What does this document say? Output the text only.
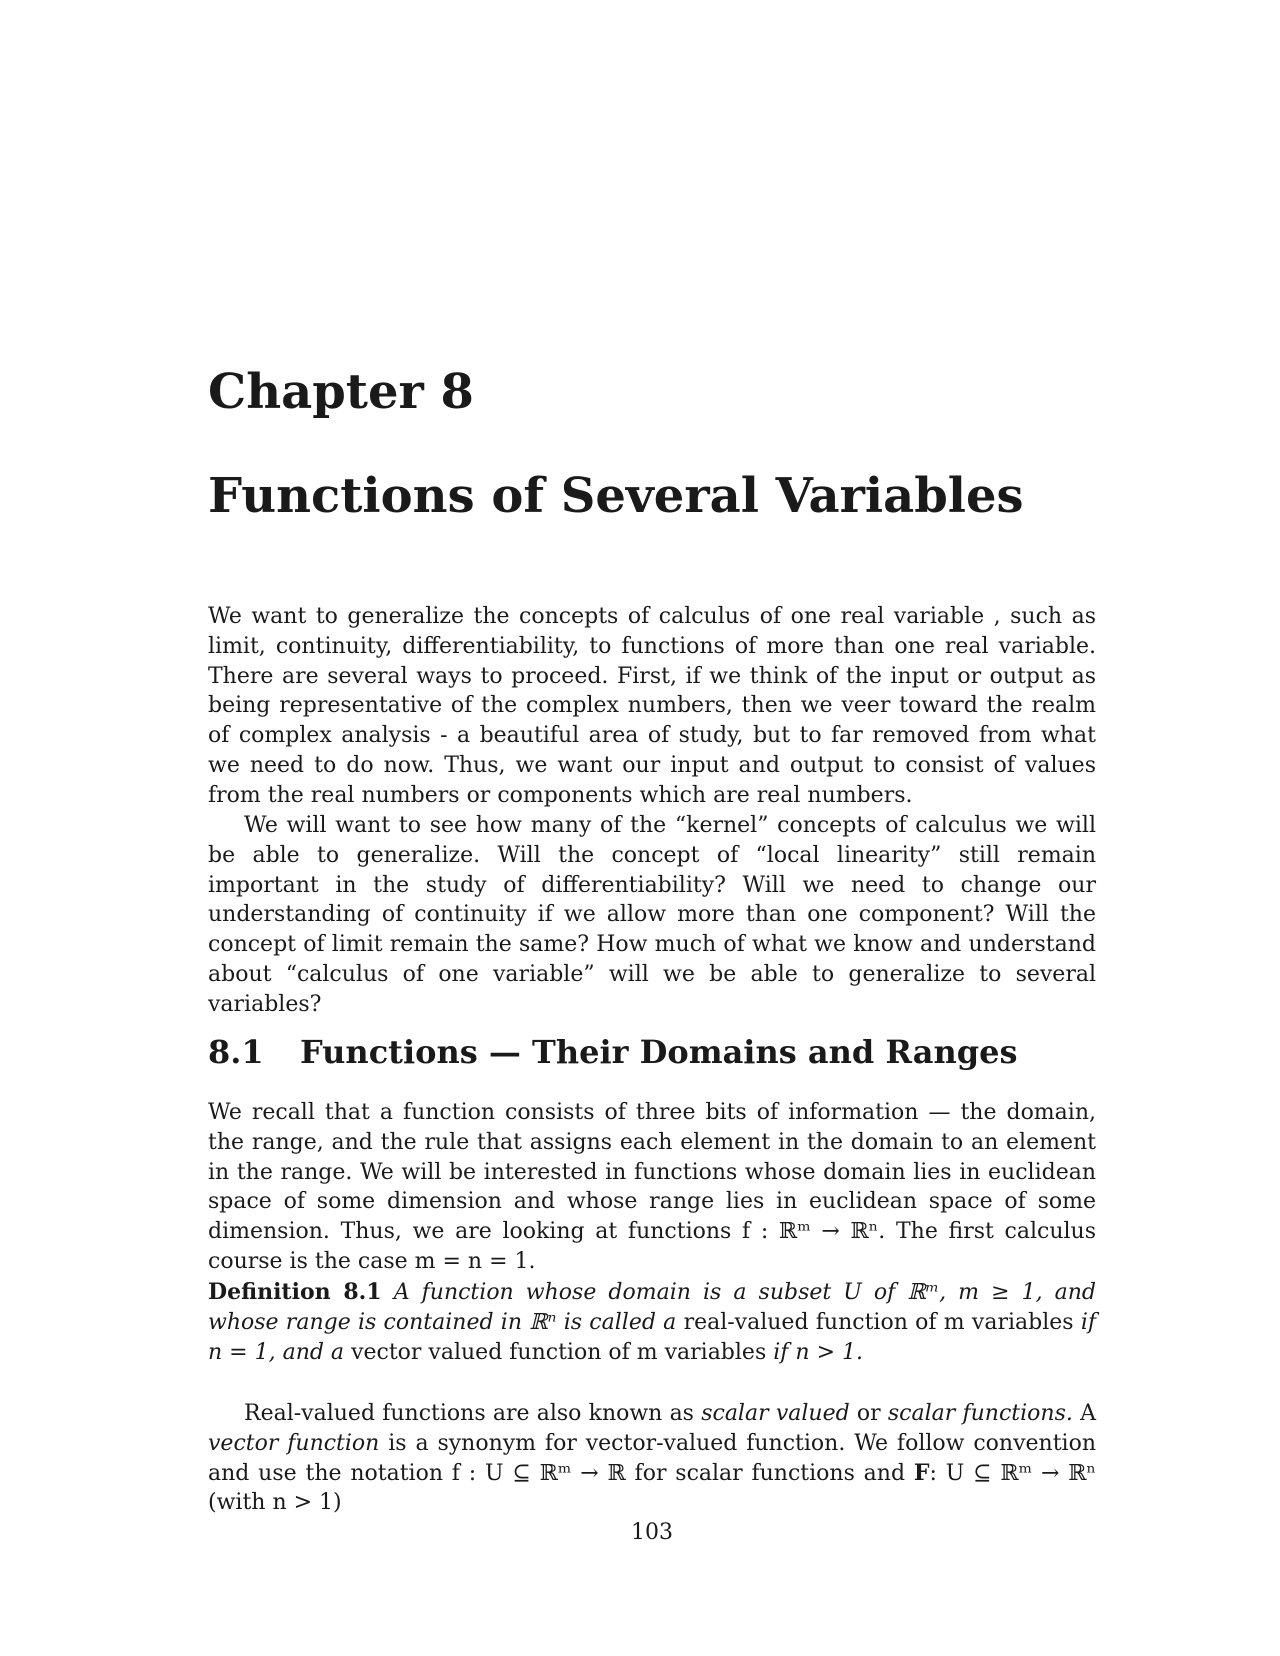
Chapter 8
Functions of Several Variables

We want to generalize the concepts of calculus of one real variable , such as limit, continuity, differentiability, to functions of more than one real variable. There are several ways to proceed. First, if we think of the input or output as being representative of the complex numbers, then we veer toward the realm of complex analysis - a beautiful area of study, but to far removed from what we need to do now. Thus, we want our input and output to consist of values from the real numbers or components which are real numbers.

We will want to see how many of the “kernel” concepts of calculus we will be able to generalize. Will the concept of “local linearity” still remain important in the study of differentiability? Will we need to change our understanding of continuity if we allow more than one component? Will the concept of limit remain the same? How much of what we know and understand about “calculus of one variable” will we be able to generalize to several variables?

8.1 Functions — Their Domains and Ranges

We recall that a function consists of three bits of information — the domain, the range, and the rule that assigns each element in the domain to an element in the range. We will be interested in functions whose domain lies in euclidean space of some dimension and whose range lies in euclidean space of some dimension. Thus, we are looking at functions f : ℝᵐ → ℝⁿ. The first calculus course is the case m = n = 1.

Definition 8.1 A function whose domain is a subset U of ℝᵐ, m ≥ 1, and whose range is contained in ℝⁿ is called a real-valued function of m variables if n = 1, and a vector valued function of m variables if n > 1.

Real-valued functions are also known as scalar valued or scalar functions. A vector function is a synonym for vector-valued function. We follow convention and use the notation f : U ⊆ ℝᵐ → ℝ for scalar functions and F: U ⊆ ℝᵐ → ℝⁿ (with n > 1)

103
